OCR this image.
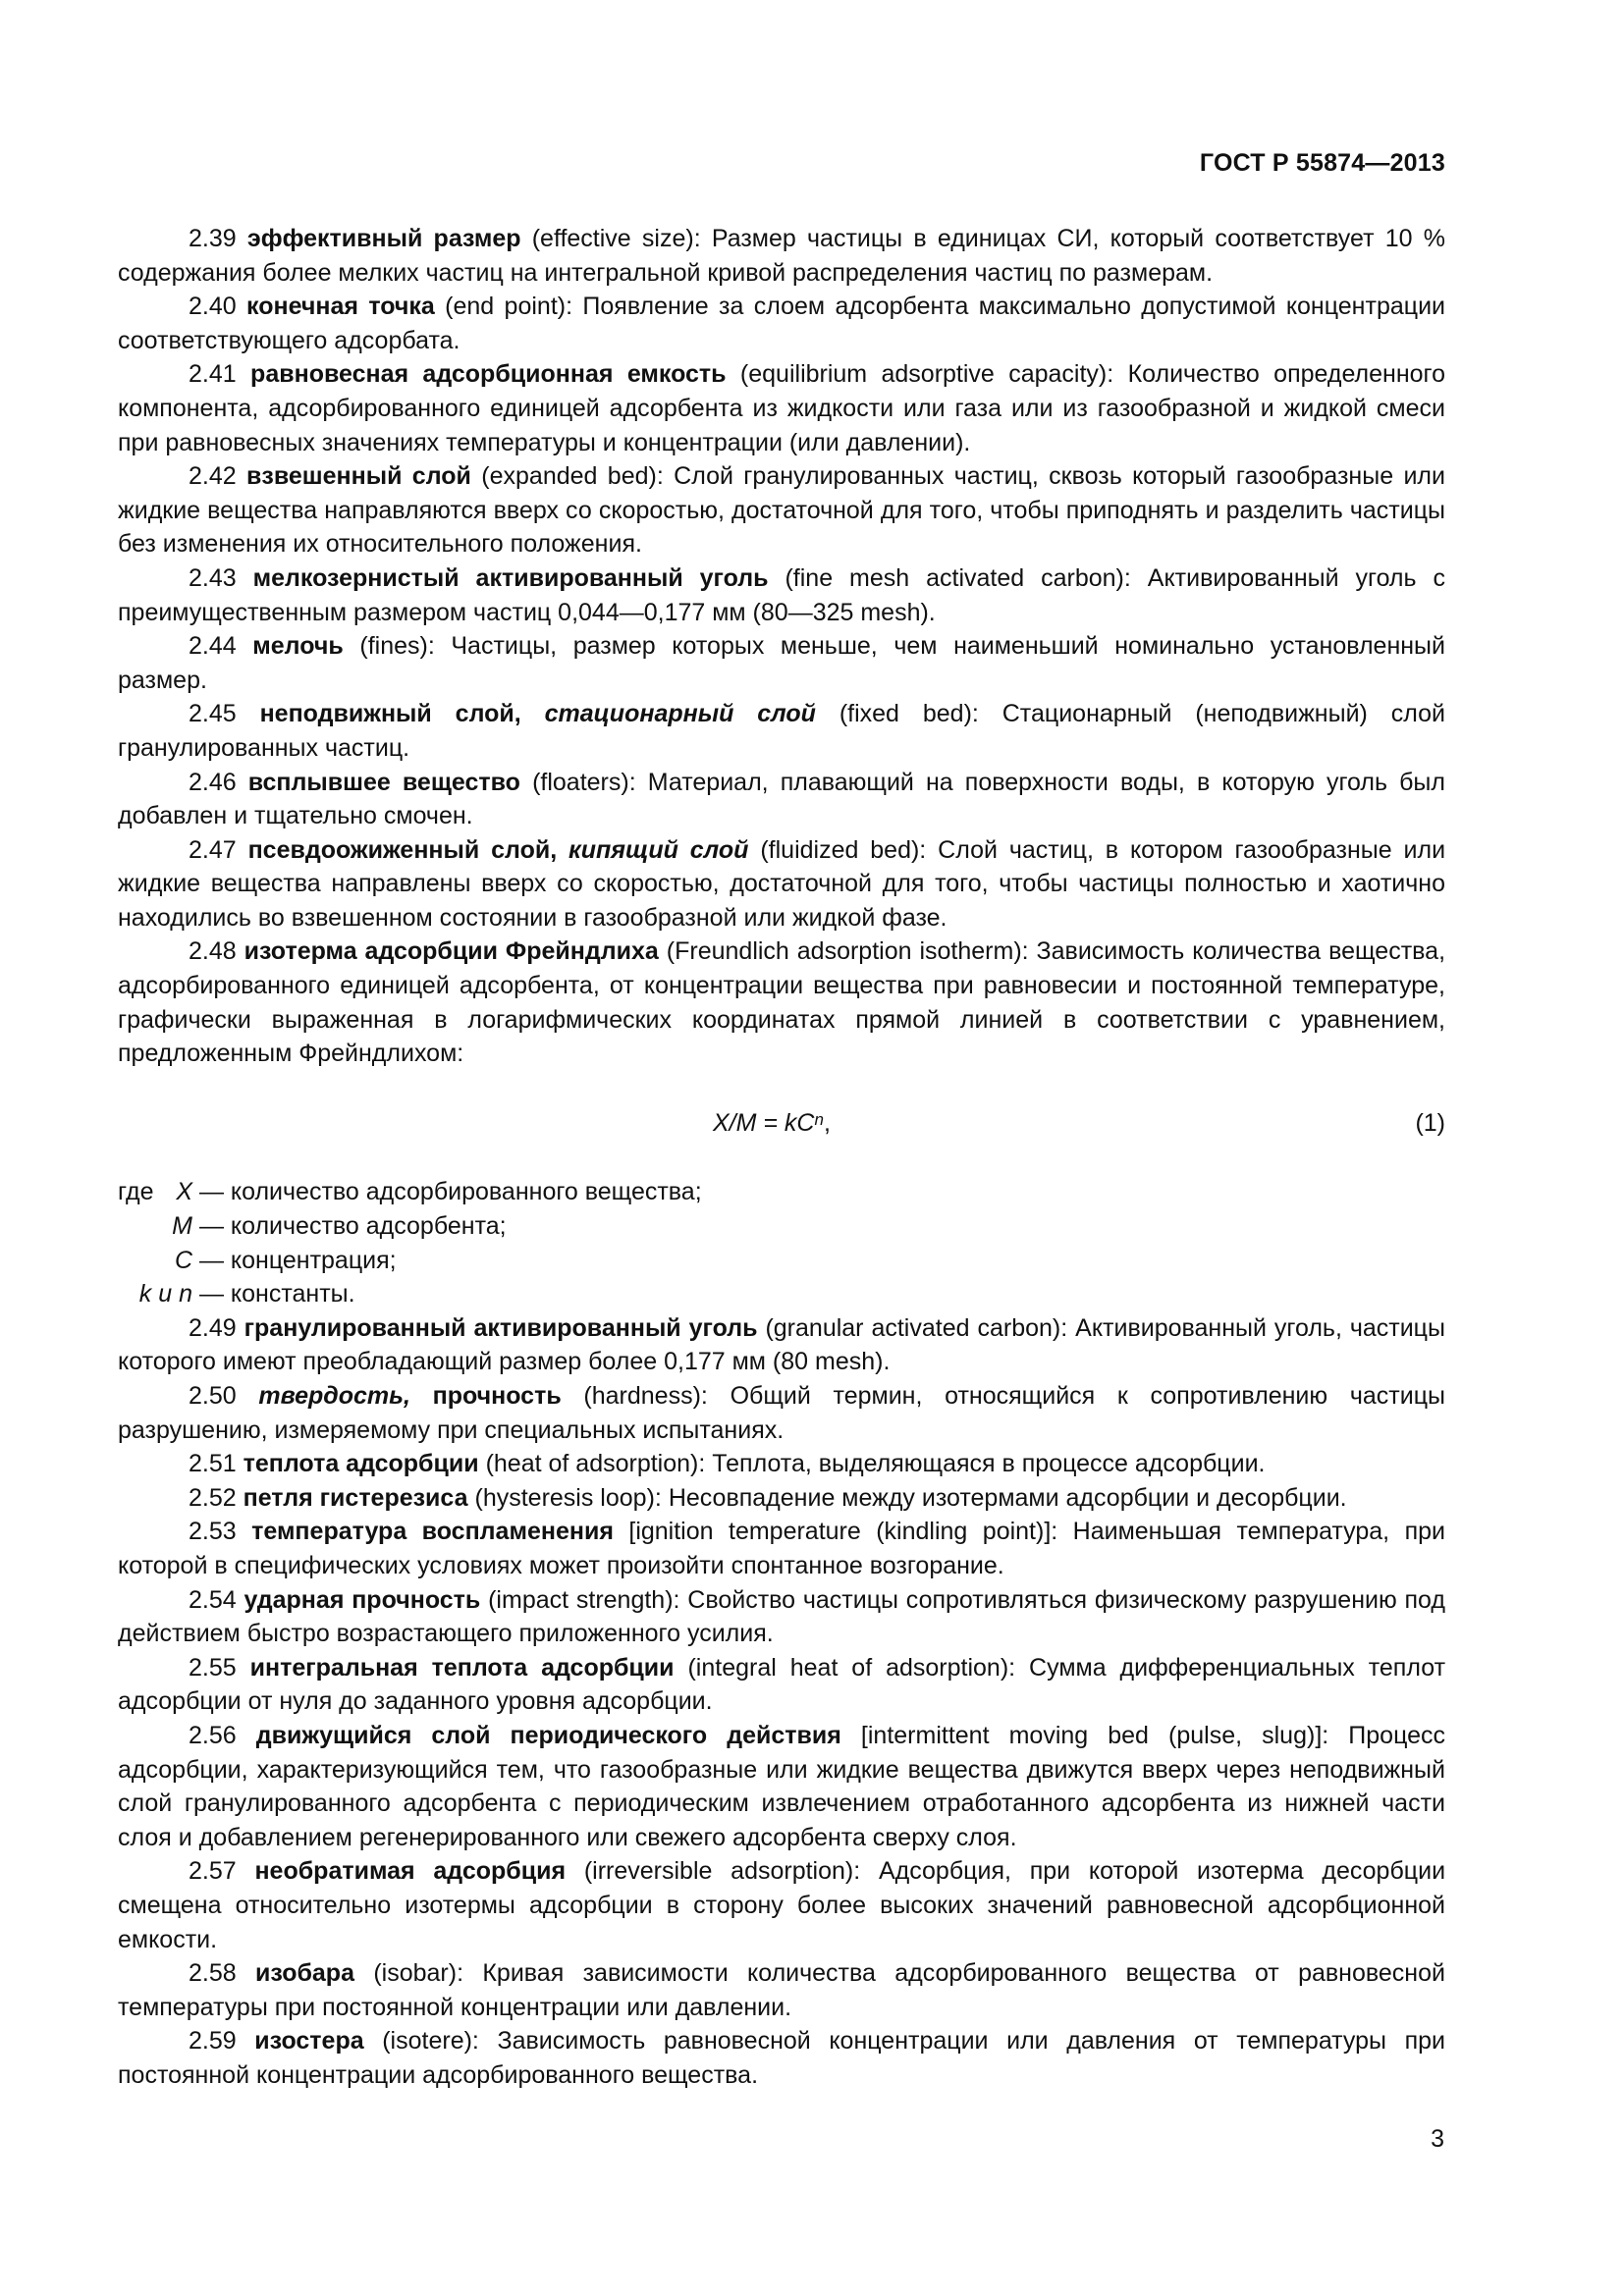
ГОСТ Р 55874—2013

2.39 эффективный размер (effective size): Размер частицы в единицах СИ, который соответствует 10 % содержания более мелких частиц на интегральной кривой распределения частиц по размерам.

2.40 конечная точка (end point): Появление за слоем адсорбента максимально допустимой концентрации соответствующего адсорбата.

2.41 равновесная адсорбционная емкость (equilibrium adsorptive capacity): Количество определенного компонента, адсорбированного единицей адсорбента из жидкости или газа или из газообразной и жидкой смеси при равновесных значениях температуры и концентрации (или давлении).

2.42 взвешенный слой (expanded bed): Слой гранулированных частиц, сквозь который газообразные или жидкие вещества направляются вверх со скоростью, достаточной для того, чтобы приподнять и разделить частицы без изменения их относительного положения.

2.43 мелкозернистый активированный уголь (fine mesh activated carbon): Активированный уголь с преимущественным размером частиц 0,044—0,177 мм (80—325 mesh).

2.44 мелочь (fines): Частицы, размер которых меньше, чем наименьший номинально установленный размер.

2.45 неподвижный слой, стационарный слой (fixed bed): Стационарный (неподвижный) слой гранулированных частиц.

2.46 всплывшее вещество (floaters): Материал, плавающий на поверхности воды, в которую уголь был добавлен и тщательно смочен.

2.47 псевдоожиженный слой, кипящий слой (fluidized bed): Слой частиц, в котором газообразные или жидкие вещества направлены вверх со скоростью, достаточной для того, чтобы частицы полностью и хаотично находились во взвешенном состоянии в газообразной или жидкой фазе.

2.48 изотерма адсорбции Фрейндлиха (Freundlich adsorption isotherm): Зависимость количества вещества, адсорбированного единицей адсорбента, от концентрации вещества при равновесии и постоянной температуре, графически выраженная в логарифмических координатах прямой линией в соответствии с уравнением, предложенным Фрейндлихом:

$X/M = kC^n$,	(1)

где X — количество адсорбированного вещества;

M — количество адсорбента;

C — концентрация;

k и n — константы.

2.49 гранулированный активированный уголь (granular activated carbon): Активированный уголь, частицы которого имеют преобладающий размер более 0,177 мм (80 mesh).

2.50 твердость, прочность (hardness): Общий термин, относящийся к сопротивлению частицы разрушению, измеряемому при специальных испытаниях.

2.51 теплота адсорбции (heat of adsorption): Теплота, выделяющаяся в процессе адсорбции.

2.52 петля гистерезиса (hysteresis loop): Несовпадение между изотермами адсорбции и десорбции.

2.53 температура воспламенения [ignition temperature (kindling point)]: Наименьшая температура, при которой в специфических условиях может произойти спонтанное возгорание.

2.54 ударная прочность (impact strength): Свойство частицы сопротивляться физическому разрушению под действием быстро возрастающего приложенного усилия.

2.55 интегральная теплота адсорбции (integral heat of adsorption): Сумма дифференциальных теплот адсорбции от нуля до заданного уровня адсорбции.

2.56 движущийся слой периодического действия [intermittent moving bed (pulse, slug)]: Процесс адсорбции, характеризующийся тем, что газообразные или жидкие вещества движутся вверх через неподвижный слой гранулированного адсорбента с периодическим извлечением отработанного адсорбента из нижней части слоя и добавлением регенерированного или свежего адсорбента сверху слоя.

2.57 необратимая адсорбция (irreversible adsorption): Адсорбция, при которой изотерма десорбции смещена относительно изотермы адсорбции в сторону более высоких значений равновесной адсорбционной емкости.

2.58 изобара (isobar): Кривая зависимости количества адсорбированного вещества от равновесной температуры при постоянной концентрации или давлении.

2.59 изостера (isotere): Зависимость равновесной концентрации или давления от температуры при постоянной концентрации адсорбированного вещества.

3
